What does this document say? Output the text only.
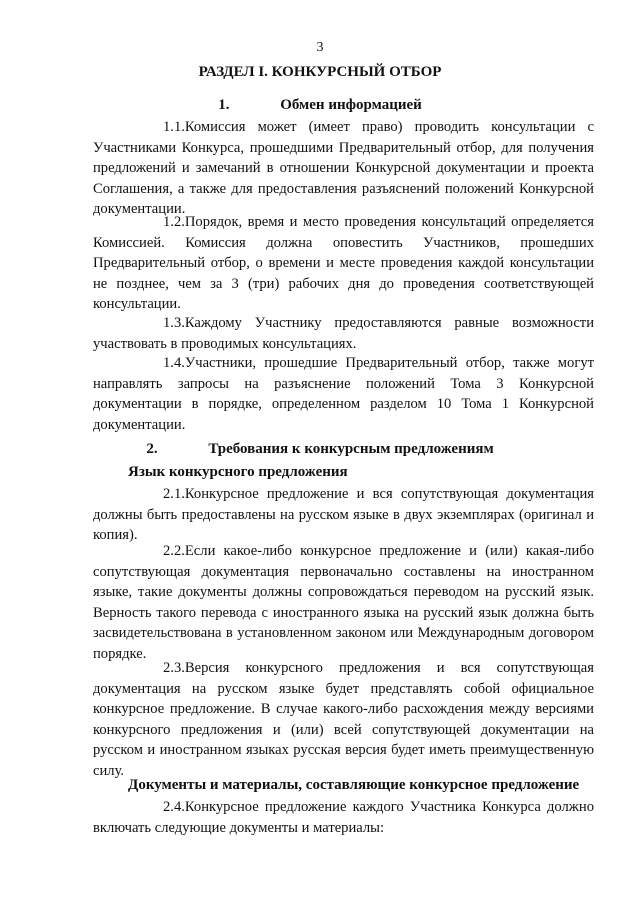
3
РАЗДЕЛ I. КОНКУРСНЫЙ ОТБОР
1.	Обмен информацией

1.1.Комиссия может (имеет право) проводить консультации с Участниками Конкурса, прошедшими Предварительный отбор, для получения предложений и замечаний в отношении Конкурсной документации и проекта Соглашения, а также для предоставления разъяснений положений Конкурсной документации.

1.2.Порядок, время и место проведения консультаций определяется Комиссией. Комиссия должна оповестить Участников, прошедших Предварительный отбор, о времени и месте проведения каждой консультации не позднее, чем за 3 (три) рабочих дня до проведения соответствующей консультации.

1.3.Каждому Участнику предоставляются равные возможности участвовать в проводимых консультациях.

1.4.Участники, прошедшие Предварительный отбор, также могут направлять запросы на разъяснение положений Тома 3 Конкурсной документации в порядке, определенном разделом 10 Тома 1 Конкурсной документации.

2.	Требования к конкурсным предложениям
Язык конкурсного предложения

2.1.Конкурсное предложение и вся сопутствующая документация должны быть предоставлены на русском языке в двух экземплярах (оригинал и копия).

2.2.Если какое-либо конкурсное предложение и (или) какая-либо сопутствующая документация первоначально составлены на иностранном языке, такие документы должны сопровождаться переводом на русский язык. Верность такого перевода с иностранного языка на русский язык должна быть засвидетельствована в установленном законом или Международным договором порядке.

2.3.Версия конкурсного предложения и вся сопутствующая документация на русском языке будет представлять собой официальное конкурсное предложение. В случае какого-либо расхождения между версиями конкурсного предложения и (или) всей сопутствующей документации на русском и иностранном языках русская версия будет иметь преимущественную силу.

Документы и материалы, составляющие конкурсное предложение

2.4.Конкурсное предложение каждого Участника Конкурса должно включать следующие документы и материалы:
